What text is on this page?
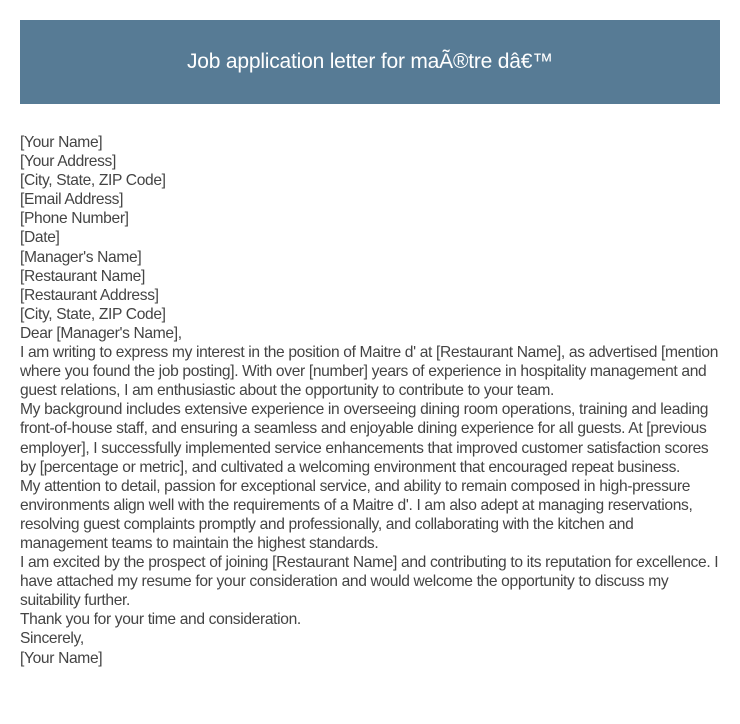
Job application letter for maÃ®tre dâ€™
[Your Name]
[Your Address]
[City, State, ZIP Code]
[Email Address]
[Phone Number]
[Date]
[Manager's Name]
[Restaurant Name]
[Restaurant Address]
[City, State, ZIP Code]
Dear [Manager's Name],

I am writing to express my interest in the position of Maitre d' at [Restaurant Name], as advertised [mention where you found the job posting]. With over [number] years of experience in hospitality management and guest relations, I am enthusiastic about the opportunity to contribute to your team.

My background includes extensive experience in overseeing dining room operations, training and leading front-of-house staff, and ensuring a seamless and enjoyable dining experience for all guests. At [previous employer], I successfully implemented service enhancements that improved customer satisfaction scores by [percentage or metric], and cultivated a welcoming environment that encouraged repeat business.

My attention to detail, passion for exceptional service, and ability to remain composed in high-pressure environments align well with the requirements of a Maitre d'. I am also adept at managing reservations, resolving guest complaints promptly and professionally, and collaborating with the kitchen and management teams to maintain the highest standards.

I am excited by the prospect of joining [Restaurant Name] and contributing to its reputation for excellence. I have attached my resume for your consideration and would welcome the opportunity to discuss my suitability further.

Thank you for your time and consideration.
Sincerely,
[Your Name]
